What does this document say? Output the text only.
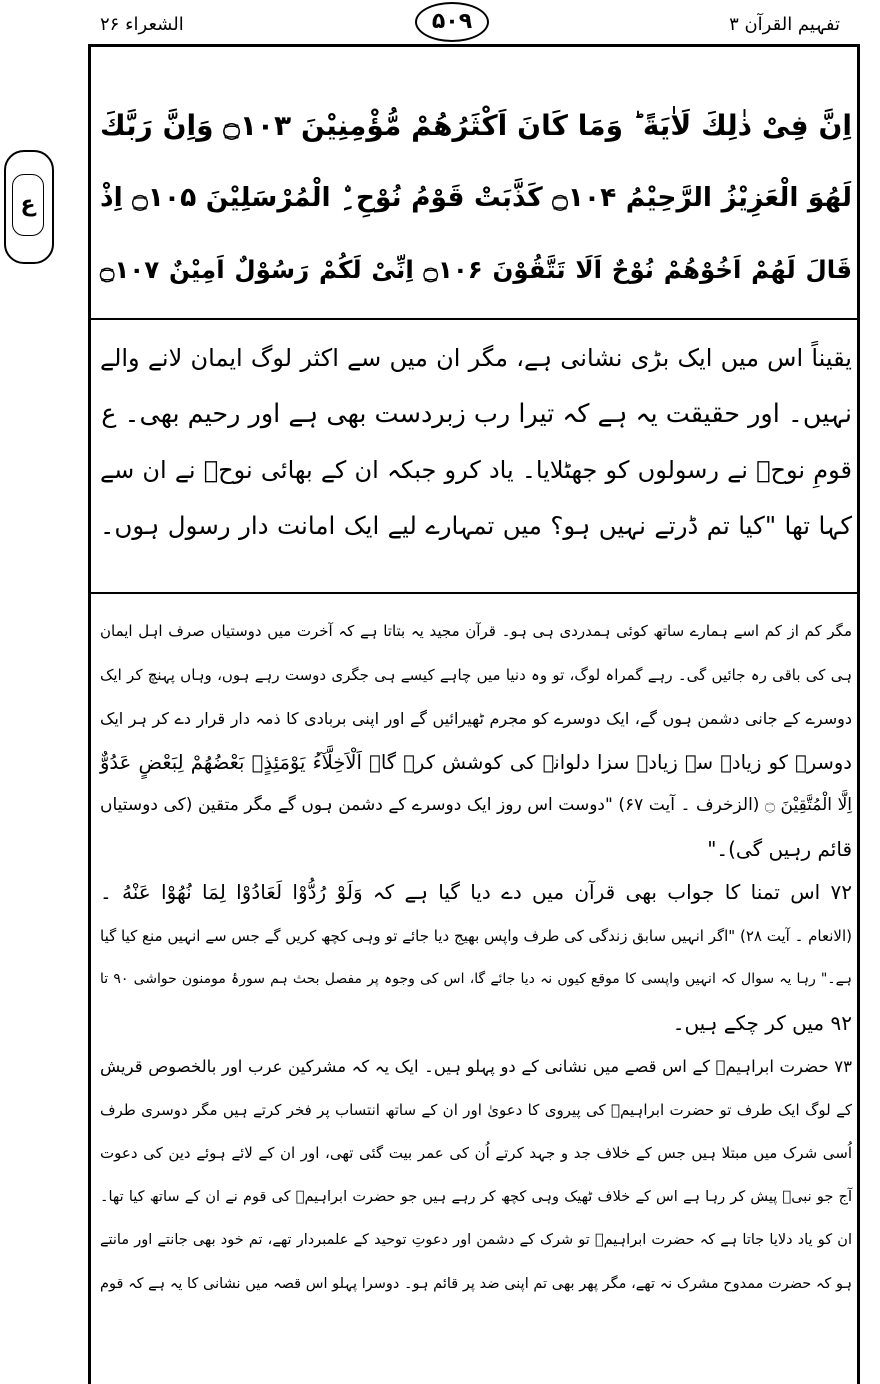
الشعراء ۲۶	۵۰۹	تفہیم القرآن ۳
ع
اِنَّ فِیْ ذٰلِكَ لَاٰیَةً ؕ وَمَا كَانَ اَكْثَرُهُمْ مُّؤْمِنِیْنَ ۝۱۰۳ وَاِنَّ رَبَّكَ
لَهُوَ الْعَزِیْزُ الرَّحِیْمُ ۝۱۰۴ كَذَّبَتْ قَوْمُ نُوْحِ ِۨ الْمُرْسَلِیْنَ ۝۱۰۵ اِذْ
قَالَ لَهُمْ اَخُوْهُمْ نُوْحٌ اَلَا تَتَّقُوْنَ ۝۱۰۶ اِنِّیْ لَكُمْ رَسُوْلٌ اَمِیْنٌ ۝۱۰۷
یقیناً اس میں ایک بڑی نشانی ہے، مگر ان میں سے اکثر لوگ ایمان لانے والے
نہیں۔ اور حقیقت یہ ہے کہ تیرا رب زبردست بھی ہے اور رحیم بھی۔ ع
قومِ نوحؑ نے رسولوں کو جھٹلایا۔ یاد کرو جبکہ ان کے بھائی نوحؑ نے ان سے
کہا تھا "کیا تم ڈرتے نہیں ہو؟ میں تمہارے لیے ایک امانت دار رسول ہوں۔
مگر کم از کم اسے ہمارے ساتھ کوئی ہمدردی ہی ہو۔ قرآن مجید یہ بتاتا ہے کہ آخرت میں دوستیاں صرف اہل ایمان
ہی کی باقی رہ جائیں گی۔ رہے گمراہ لوگ، تو وہ دنیا میں چاہے کیسے ہی جگری دوست رہے ہوں، وہاں پہنچ کر ایک
دوسرے کے جانی دشمن ہوں گے، ایک دوسرے کو مجرم ٹھیرائیں گے اور اپنی بربادی کا ذمہ دار قرار دے کر ہر ایک
دوسرے کو زیادہ سے زیادہ سزا دلوانے کی کوشش کرے گا۔ اَلْاَخِلَّآءُ یَوْمَئِذٍۭ بَعْضُهُمْ لِبَعْضٍ عَدُوٌّ
اِلَّا الْمُتَّقِیْنَ ۝ (الزخرف ۔ آیت ۶۷) "دوست اس روز ایک دوسرے کے دشمن ہوں گے مگر متقین (کی دوستیاں
قائم رہیں گی)۔"
۷۲ اس تمنا کا جواب بھی قرآن میں دے دیا گیا ہے کہ وَلَوْ رُدُّوْا لَعَادُوْا لِمَا نُهُوْا عَنْهُ ۔
(الانعام ۔ آیت ۲۸) "اگر انہیں سابق زندگی کی طرف واپس بھیج دیا جائے تو وہی کچھ کریں گے جس سے انہیں منع کیا گیا
ہے۔" رہا یہ سوال کہ انہیں واپسی کا موقع کیوں نہ دیا جائے گا، اس کی وجوہ پر مفصل بحث ہم سورۂ مومنون حواشی ۹۰ تا
۹۲ میں کر چکے ہیں۔
۷۳ حضرت ابراہیمؑ کے اس قصے میں نشانی کے دو پہلو ہیں۔ ایک یہ کہ مشرکین عرب اور بالخصوص قریش
کے لوگ ایک طرف تو حضرت ابراہیمؑ کی پیروی کا دعویٰ اور ان کے ساتھ انتساب پر فخر کرتے ہیں مگر دوسری طرف
اُسی شرک میں مبتلا ہیں جس کے خلاف جد و جہد کرتے اُن کی عمر بیت گئی تھی، اور ان کے لائے ہوئے دین کی دعوت
آج جو نبیؐ پیش کر رہا ہے اس کے خلاف ٹھیک وہی کچھ کر رہے ہیں جو حضرت ابراہیمؑ کی قوم نے ان کے ساتھ کیا تھا۔
ان کو یاد دلایا جاتا ہے کہ حضرت ابراہیمؑ تو شرک کے دشمن اور دعوتِ توحید کے علمبردار تھے، تم خود بھی جانتے اور مانتے
ہو کہ حضرت ممدوح مشرک نہ تھے، مگر پھر بھی تم اپنی ضد پر قائم ہو۔ دوسرا پہلو اس قصہ میں نشانی کا یہ ہے کہ قوم
